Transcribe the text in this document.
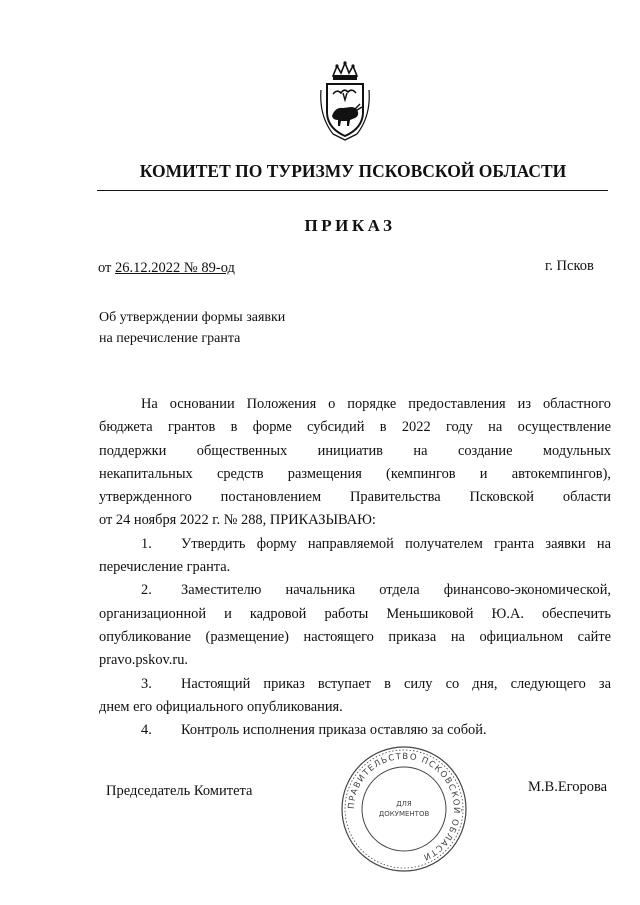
КОМИТЕТ ПО ТУРИЗМУ ПСКОВСКОЙ ОБЛАСТИ
ПРИКАЗ
от 26.12.2022 № 89-од	г. Псков
Об утверждении формы заявки
на перечисление гранта

На основании Положения о порядке предоставления из областного

бюджета грантов в форме субсидий в 2022 году на осуществление

поддержки общественных инициатив на создание модульных

некапитальных средств размещения (кемпингов и автокемпингов),

утвержденного постановлением Правительства Псковской области

от 24 ноября 2022 г. № 288, ПРИКАЗЫВАЮ:

1. Утвердить форму направляемой получателем гранта заявки на

перечисление гранта.

2. Заместителю начальника отдела финансово-экономической,

организационной и кадровой работы Меньшиковой Ю.А. обеспечить

опубликование (размещение) настоящего приказа на официальном сайте

pravo.pskov.ru.

3. Настоящий приказ вступает в силу со дня, следующего за

днем его официального опубликования.

4. Контроль исполнения приказа оставляю за собой.

Председатель Комитета	М.В.Егорова
ПРАВИТЕЛЬСТВО ПСКОВСКОЙ ОБЛАСТИ
ДЛЯ
ДОКУМЕНТОВ
